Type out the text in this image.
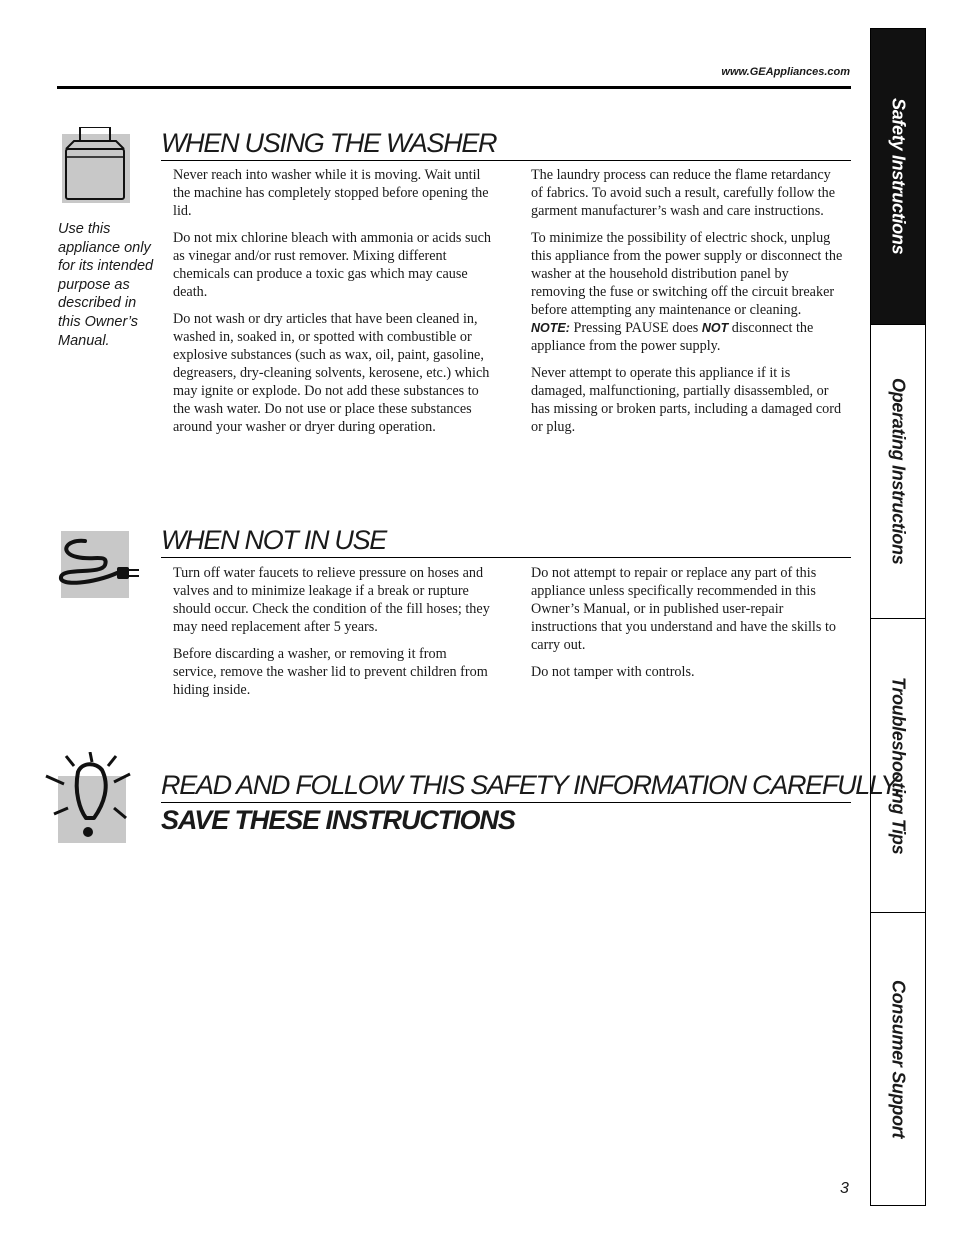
www.GEAppliances.com
Use this appliance only for its intended purpose as described in this Owner’s Manual.
WHEN USING THE WASHER

Never reach into washer while it is moving. Wait until the machine has completely stopped before opening the lid.

Do not mix chlorine bleach with ammonia or acids such as vinegar and/or rust remover. Mixing different chemicals can produce a toxic gas which may cause death.

Do not wash or dry articles that have been cleaned in, washed in, soaked in, or spotted with combustible or explosive substances (such as wax, oil, paint, gasoline, degreasers, dry-cleaning solvents, kerosene, etc.) which may ignite or explode. Do not add these substances to the wash water. Do not use or place these substances around your washer or dryer during operation.

The laundry process can reduce the flame retardancy of fabrics. To avoid such a result, carefully follow the garment manufacturer’s wash and care instructions.

To minimize the possibility of electric shock, unplug this appliance from the power supply or disconnect the washer at the household distribution panel by removing the fuse or switching off the circuit breaker before attempting any maintenance or cleaning. NOTE: Pressing PAUSE does NOT disconnect the appliance from the power supply.

Never attempt to operate this appliance if it is damaged, malfunctioning, partially disassembled, or has missing or broken parts, including a damaged cord or plug.

WHEN NOT IN USE

Turn off water faucets to relieve pressure on hoses and valves and to minimize leakage if a break or rupture should occur. Check the condition of the fill hoses; they may need replacement after 5 years.

Before discarding a washer, or removing it from service, remove the washer lid to prevent children from hiding inside.

Do not attempt to repair or replace any part of this appliance unless specifically recommended in this Owner’s Manual, or in published user-repair instructions that you understand and have the skills to carry out.

Do not tamper with controls.

READ AND FOLLOW THIS SAFETY INFORMATION CAREFULLY.
SAVE THESE INSTRUCTIONS
Safety Instructions
Operating Instructions
Troubleshooting Tips
Consumer Support
3
